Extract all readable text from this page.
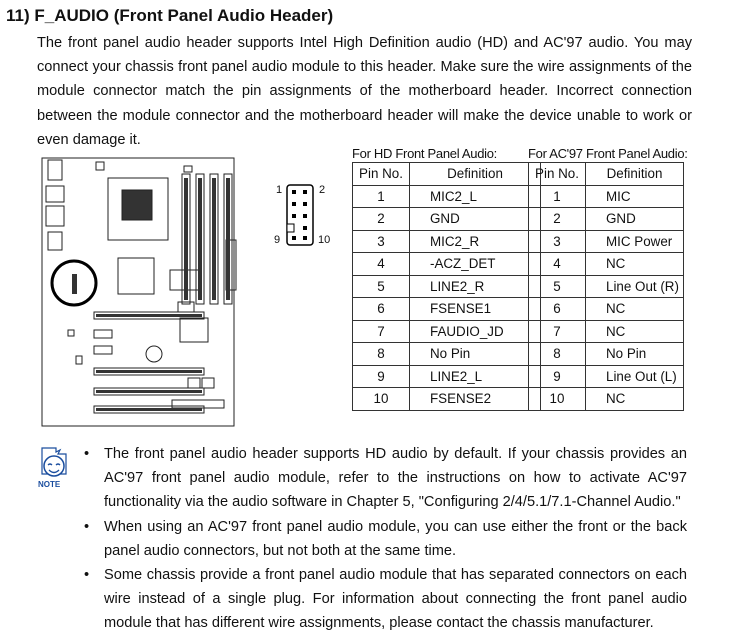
11) F_AUDIO (Front Panel Audio Header)
The front panel audio header supports Intel High Definition audio (HD) and AC'97 audio. You may connect your chassis front panel audio module to this header. Make sure the wire assignments of the module connector match the pin assignments of the motherboard header. Incorrect connection between the module connector and the motherboard header will make the device unable to work or even damage it.
1	2
9	10
For HD Front Panel Audio:
Pin No.	Definition
1	MIC2_L
2	GND
3	MIC2_R
4	-ACZ_DET
5	LINE2_R
6	FSENSE1
7	FAUDIO_JD
8	No Pin
9	LINE2_L
10	FSENSE2
For AC'97 Front Panel Audio:
Pin No.	Definition
1	MIC
2	GND
3	MIC Power
4	NC
5	Line Out (R)
6	NC
7	NC
8	No Pin
9	Line Out (L)
10	NC
NOTE
• The front panel audio header supports HD audio by default. If your chassis provides an AC'97 front panel audio module, refer to the instructions on how to activate AC'97 functionality via the audio software in Chapter 5, "Configuring 2/4/5.1/7.1-Channel Audio."
• When using an AC'97 front panel audio module, you can use either the front or the back panel audio connectors, but not both at the same time.
• Some chassis provide a front panel audio module that has separated connectors on each wire instead of a single plug. For information about connecting the front panel audio module that has different wire assignments, please contact the chassis manufacturer.
